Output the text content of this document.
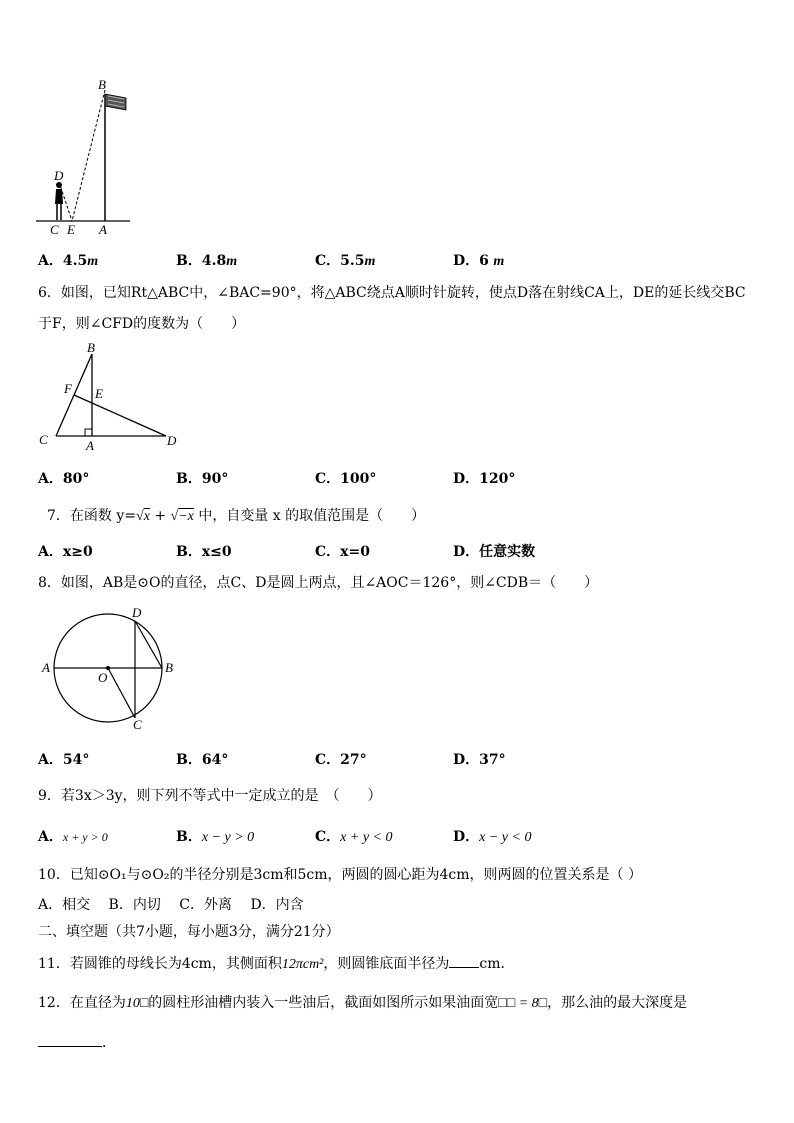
B
D
C E A
A．4.5m	B．4.8m	C．5.5m	D．6 m
6．如图，已知Rt△ABC中，∠BAC=90°，将△ABC绕点A顺时针旋转，使点D落在射线CA上，DE的延长线交BC
于F，则∠CFD的度数为（　　）
B
F E
C	A	D
A．80°	B．90°	C．100°	D．120°
7．在函数 y=√x + √−x 中，自变量 x 的取值范围是（　　）
A．x≥0	B．x≤0	C．x=0	D．任意实数
8．如图，AB是⊙O的直径，点C、D是圆上两点，且∠AOC＝126°，则∠CDB＝（　　）
A	B
O
C
D
A．54°	B．64°	C．27°	D．37°
9．若3x＞3y，则下列不等式中一定成立的是　（　　）
A．x + y > 0	B．x − y > 0	C．x + y < 0	D．x − y < 0
10．已知⊙O₁与⊙O₂的半径分别是3cm和5cm，两圆的圆心距为4cm，则两圆的位置关系是（ ）
A．相交　 B．内切　 C．外离　 D．内含
二、填空题（共7小题，每小题3分，满分21分）
11．若圆锥的母线长为4cm，其侧面积12πcm²，则圆锥底面半径为 cm．
12．在直径为10□的圆柱形油槽内装入一些油后，截面如图所示如果油面宽□□ = 8□，那么油的最大深度是
．
